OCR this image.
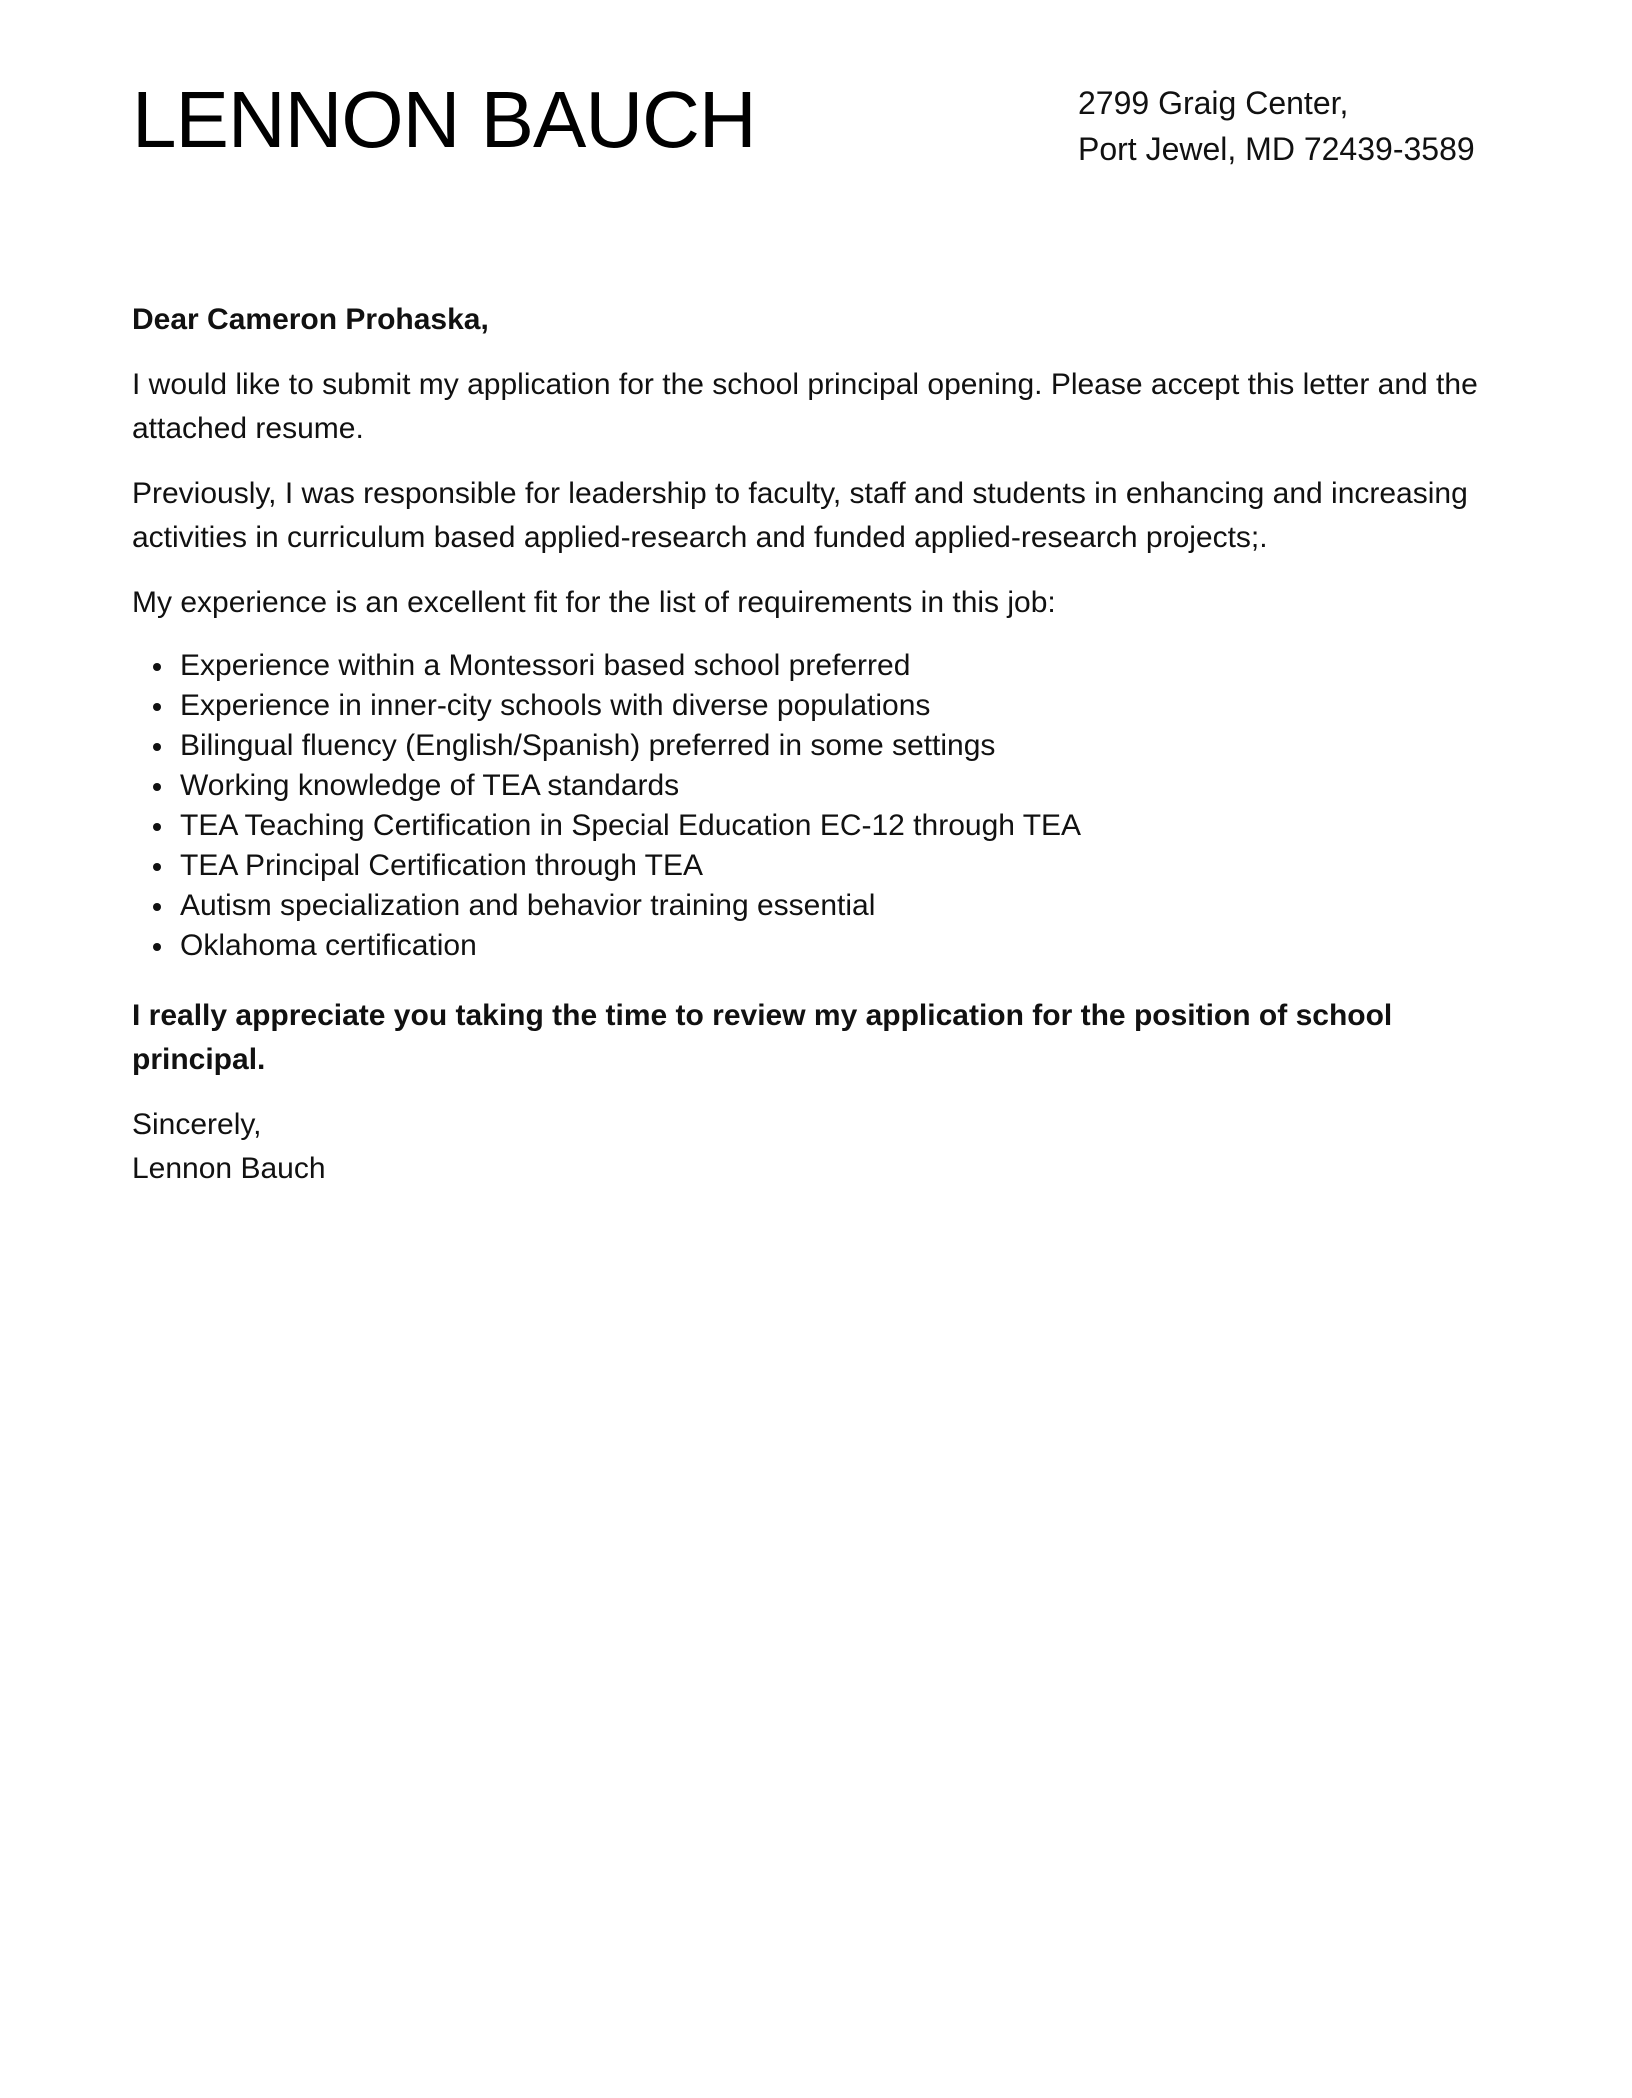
LENNON BAUCH	2799 Graig Center,
Port Jewel, MD 72439-3589

Dear Cameron Prohaska,

I would like to submit my application for the school principal opening. Please accept this letter and the attached resume.

Previously, I was responsible for leadership to faculty, staff and students in enhancing and increasing activities in curriculum based applied-research and funded applied-research projects;.

My experience is an excellent fit for the list of requirements in this job:

Experience within a Montessori based school preferred
Experience in inner-city schools with diverse populations
Bilingual fluency (English/Spanish) preferred in some settings
Working knowledge of TEA standards
TEA Teaching Certification in Special Education EC-12 through TEA
TEA Principal Certification through TEA
Autism specialization and behavior training essential
Oklahoma certification

I really appreciate you taking the time to review my application for the position of school principal.

Sincerely,
Lennon Bauch
